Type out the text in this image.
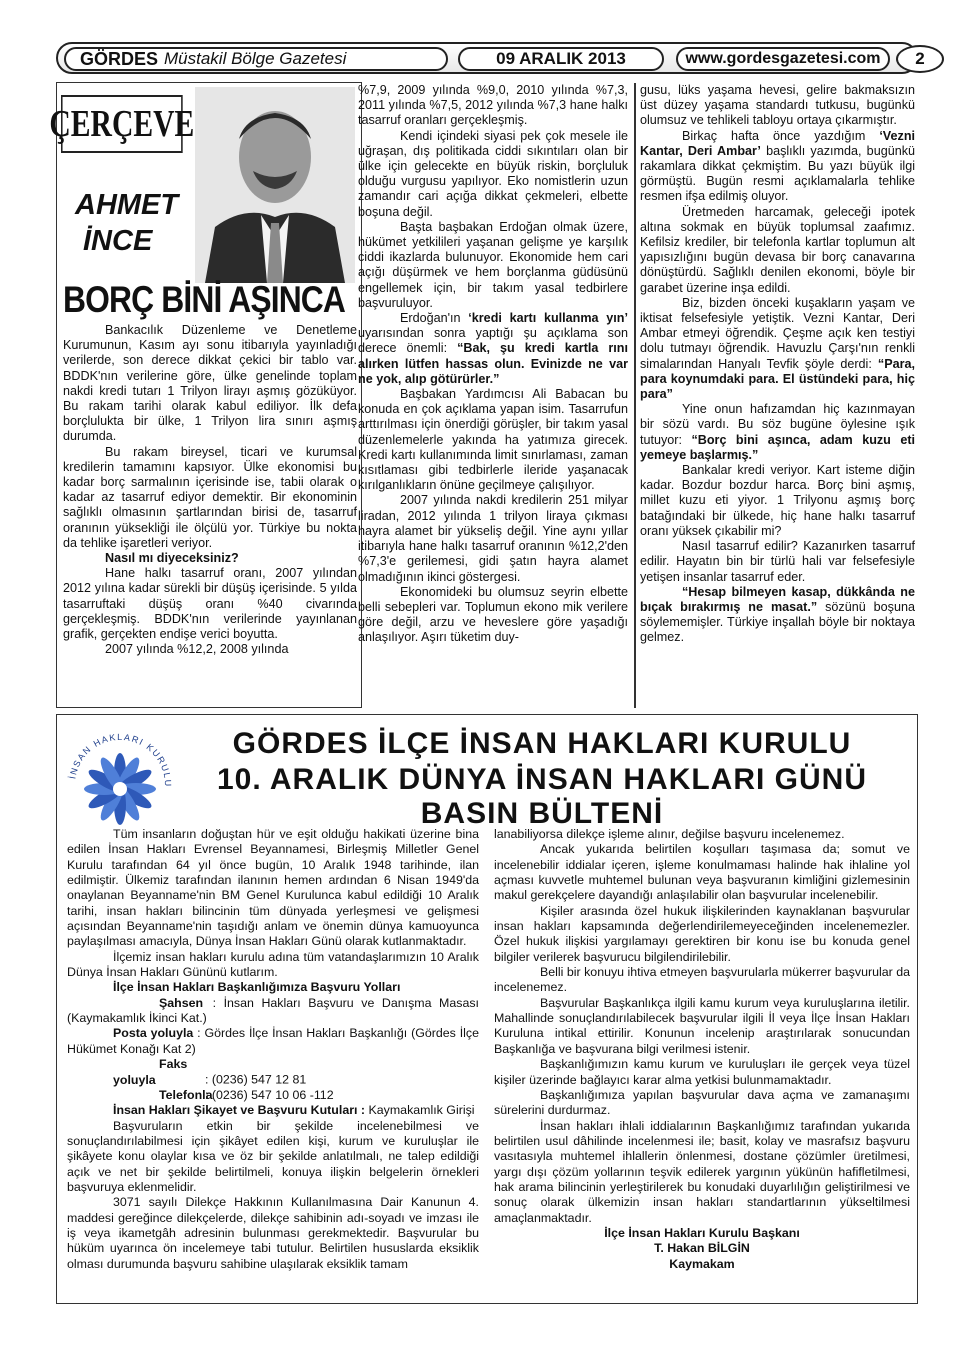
GÖRDES Müstakil Bölge Gazetesi	09 ARALIK 2013	www.gordesgazetesi.com	2
ÇERÇEVE
AHMET
İNCE
BORÇ BİNİ AŞINCA

Bankacılık Düzenleme ve Denetleme Kurumunun, Kasım ayı sonu itibarıyla yayınladığı verilerde, son derece dikkat çekici bir tablo var. BDDK'nın verilerine göre, ülke genelinde toplam nakdi kredi tutarı 1 Trilyon lirayı aşmış gözüküyor. Bu rakam tarihi olarak kabul ediliyor. İlk defa borçlulukta bir ülke, 1 Trilyon lira sınırı aşmış durumda.

Bu rakam bireysel, ticari ve kurumsal kredilerin tamamını kapsıyor. Ülke ekonomisi bu kadar borç sarmalının içerisinde ise, tabii olarak o kadar az tasarruf ediyor demektir. Bir ekonominin sağlıklı olmasının şartlarından birisi de, tasarruf oranının yüksekliği ile ölçülü yor. Türkiye bu nokta da tehlike işaretleri veriyor.

Nasıl mı diyeceksiniz?

Hane halkı tasarruf oranı, 2007 yılından 2012 yılına kadar sürekli bir düşüş içerisinde. 5 yılda tasarruftaki düşüş oranı %40 civarında gerçekleşmiş. BDDK'nın verilerinde yayınlanan grafik, gerçekten endişe verici boyutta.

2007 yılında %12,2, 2008 yılında

%7,9, 2009 yılında %9,0, 2010 yılında %7,3, 2011 yılında %7,5, 2012 yılında %7,3 hane halkı tasarruf oranları gerçekleşmiş.

Kendi içindeki siyasi pek çok mesele ile uğraşan, dış politikada ciddi sıkıntıları olan bir ülke için gelecekte en büyük riskin, borçluluk olduğu vurgusu yapılıyor. Eko nomistlerin uzun zamandır cari açığa dikkat çekmeleri, elbette boşuna değil.

Başta başbakan Erdoğan olmak üzere, hükümet yetkilileri yaşanan gelişme ye karşılık ciddi ikazlarda bulunuyor. Ekonomide hem cari açığı düşürmek ve hem borçlanma güdüsünü engellemek için, bir takım yasal tedbirlere başvuruluyor.

Erdoğan'ın ‘kredi kartı kullanma yın’ uyarısından sonra yaptığı şu açıklama son derece önemli: “Bak, şu kredi kartla rını alırken lütfen hassas olun. Evinizde ne var ne yok, alıp götürürler.”

Başbakan Yardımcısı Ali Babacan bu konuda en çok açıklama yapan isim. Tasarrufun arttırılması için önerdiği görüşler, bir takım yasal düzenlemelerle yakında ha yatımıza girecek. Kredi kartı kullanımında limit sınırlaması, zaman kısıtlaması gibi tedbirlerle ileride yaşanacak kırılganlıkların önüne geçilmeye çalışılıyor.

2007 yılında nakdi kredilerin 251 milyar liradan, 2012 yılında 1 trilyon liraya çıkması hayra alamet bir yükseliş değil. Yine aynı yıllar itibarıyla hane halkı tasarruf oranının %12,2'den %7,3'e gerilemesi, gidi şatın hayra alamet olmadığının ikinci göstergesi.

Ekonomideki bu olumsuz seyrin elbette belli sebepleri var. Toplumun ekono mik verilere göre değil, arzu ve heveslere göre yaşadığı anlaşılıyor. Aşırı tüketim duy-

gusu, lüks yaşama hevesi, gelire bakmaksızın üst düzey yaşama standardı tutkusu, bugünkü olumsuz ve tehlikeli tabloyu ortaya çıkarmıştır.

Birkaç hafta önce yazdığım ‘Vezni Kantar, Deri Ambar’ başlıklı yazımda, bugünkü rakamlara dikkat çekmiştim. Bu yazı büyük ilgi görmüştü. Bugün resmi açıklamalarla tehlike resmen ifşa edilmiş oluyor.

Üretmeden harcamak, geleceği ipotek altına sokmak en büyük toplumsal zaafımız. Kefilsiz krediler, bir telefonla kartlar toplumun alt yapısızlığını bugün devasa bir borç canavarına dönüştürdü. Sağlıklı denilen ekonomi, böyle bir garabet üzerine inşa edildi.

Biz, bizden önceki kuşakların yaşam ve iktisat felsefesiyle yetiştik. Vezni Kantar, Deri Ambar etmeyi öğrendik. Çeşme açık ken testiyi dolu tutmayı öğrendik. Havuzlu Çarşı'nın renkli simalarından Hanyalı Tevfik şöyle derdi: “Para, para koynumdaki para. El üstündeki para, hiç para”

Yine onun hafızamdan hiç kazınmayan bir sözü vardı. Bu söz bugüne öylesine ışık tutuyor: “Borç bini aşınca, adam kuzu eti yemeye başlarmış.”

Bankalar kredi veriyor. Kart isteme diğin kadar. Bozdur bozdur harca. Borç bini aşmış, millet kuzu eti yiyor. 1 Trilyonu aşmış borç batağındaki bir ülkede, hiç hane halkı tasarruf oranı yüksek çıkabilir mi?

Nasıl tasarruf edilir? Kazanırken tasarruf edilir. Hayatın bin bir türlü hali var felsefesiyle yetişen insanlar tasarruf eder.

“Hesap bilmeyen kasap, dükkânda ne bıçak bırakırmış ne masat.” sözünü boşuna söylememişler. Türkiye inşallah böyle bir noktaya gelmez.

İNSAN HAKLARI KURULU
GÖRDES İLÇE İNSAN HAKLARI KURULU
10. ARALIK DÜNYA İNSAN HAKLARI GÜNÜ
BASIN BÜLTENİ

Tüm insanların doğuştan hür ve eşit olduğu hakikati üzerine bina edilen İnsan Hakları Evrensel Beyannamesi, Birleşmiş Milletler Genel Kurulu tarafından 64 yıl önce bugün, 10 Aralık 1948 tarihinde, ilan edilmiştir. Ülkemiz tarafından ilanının hemen ardından 6 Nisan 1949'da onaylanan Beyanname'nin BM Genel Kurulunca kabul edildiği 10 Aralık tarihi, insan hakları bilincinin tüm dünyada yerleşmesi ve gelişmesi açısından Beyanname'nin taşıdığı anlam ve önemin dünya kamuoyunca paylaşılması amacıyla, Dünya İnsan Hakları Günü olarak kutlanmaktadır.

İlçemiz insan hakları kurulu adına tüm vatandaşlarımızın 10 Aralık Dünya İnsan Hakları Gününü kutlarım.

İlçe İnsan Hakları Başkanlığımıza Başvuru Yolları

Şahsen : İnsan Hakları Başvuru ve Danışma Masası (Kaymakamlık İkinci Kat.)

Posta yoluyla : Gördes İlçe İnsan Hakları Başkanlığı (Gördes İlçe Hükümet Konağı Kat 2)

Faks yoluyla	: (0236) 547 12 81

Telefonla: (0236) 547 10 06 -112

İnsan Hakları Şikayet ve Başvuru Kutuları : Kaymakamlık Girişi

Başvuruların etkin bir şekilde incelenebilmesi ve sonuçlandırılabilmesi için şikâyet edilen kişi, kurum ve kuruluşlar ile şikâyete konu olaylar kısa ve öz bir şekilde anlatılmalı, ne talep edildiği açık ve net bir şekilde belirtilmeli, konuya ilişkin belgelerin örnekleri başvuruya eklenmelidir.

3071 sayılı Dilekçe Hakkının Kullanılmasına Dair Kanunun 4. maddesi gereğince dilekçelerde, dilekçe sahibinin adı-soyadı ve imzası ile iş veya ikametgâh adresinin bulunması gerekmektedir. Başvurular bu hüküm uyarınca ön incelemeye tabi tutulur. Belirtilen hususlarda eksiklik olması durumunda başvuru sahibine ulaşılarak eksiklik tamam

lanabiliyorsa dilekçe işleme alınır, değilse başvuru incelenemez.

Ancak yukarıda belirtilen koşulları taşımasa da; somut ve incelenebilir iddialar içeren, işleme konulmaması halinde hak ihlaline yol açması kuvvetle muhtemel bulunan veya başvuranın kimliğini gizlemesinin makul gerekçelere dayandığı anlaşılabilir olan başvurular incelenebilir.

Kişiler arasında özel hukuk ilişkilerinden kaynaklanan başvurular insan hakları kapsamında değerlendirilemeyeceğinden incelenemezler. Özel hukuk ilişkisi yargılamayı gerektiren bir konu ise bu konuda genel bilgiler verilerek başvurucu bilgilendirilebilir.

Belli bir konuyu ihtiva etmeyen başvurularla mükerrer başvurular da incelenemez.

Başvurular Başkanlıkça ilgili kamu kurum veya kuruluşlarına iletilir. Mahallinde sonuçlandırılabilecek başvurular ilgili İl veya İlçe İnsan Hakları Kuruluna intikal ettirilir. Konunun incelenip araştırılarak sonucundan Başkanlığa ve başvurana bilgi verilmesi istenir.

Başkanlığımızın kamu kurum ve kuruluşları ile gerçek veya tüzel kişiler üzerinde bağlayıcı karar alma yetkisi bulunmamaktadır.

Başkanlığımıza yapılan başvurular dava açma ve zamanaşımı sürelerini durdurmaz.

İnsan hakları ihlali iddialarının Başkanlığımız tarafından yukarıda belirtilen usul dâhilinde incelenmesi ile; basit, kolay ve masrafsız başvuru vasıtasıyla muhtemel ihlallerin önlenmesi, dostane çözümler üretilmesi, yargı dışı çözüm yollarının teşvik edilerek yargının yükünün hafifletilmesi, hak arama bilincinin yerleştirilerek bu konudaki duyarlılığın geliştirilmesi ve sonuç olarak ülkemizin insan hakları standartlarının yükseltilmesi amaçlanmaktadır.

İlçe İnsan Hakları Kurulu Başkanı

T. Hakan BİLGİN

Kaymakam
